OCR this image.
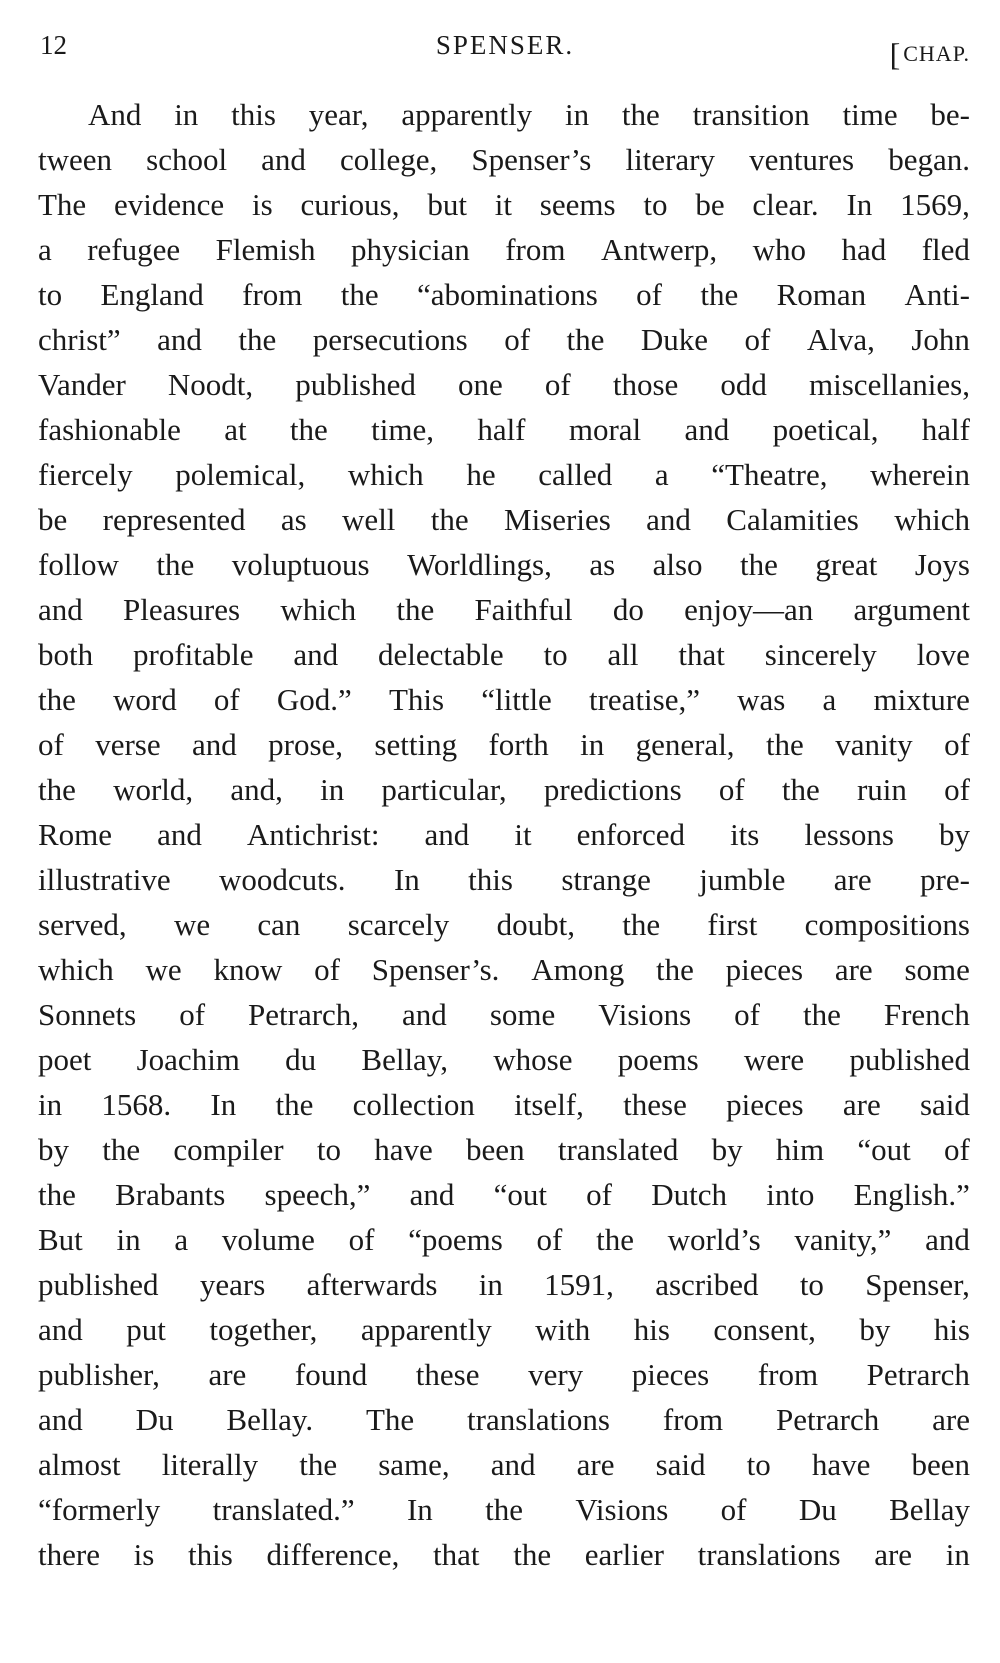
12	SPENSER.	[CHAP.
And in this year, apparently in the transition time be-
tween school and college, Spenser’s literary ventures began.
The evidence is curious, but it seems to be clear. In 1569,
a refugee Flemish physician from Antwerp, who had fled
to England from the “abominations of the Roman Anti-
christ” and the persecutions of the Duke of Alva, John
Vander Noodt, published one of those odd miscellanies,
fashionable at the time, half moral and poetical, half
fiercely polemical, which he called a “Theatre, wherein
be represented as well the Miseries and Calamities which
follow the voluptuous Worldlings, as also the great Joys
and Pleasures which the Faithful do enjoy—an argument
both profitable and delectable to all that sincerely love
the word of God.” This “little treatise,” was a mixture
of verse and prose, setting forth in general, the vanity of
the world, and, in particular, predictions of the ruin of
Rome and Antichrist: and it enforced its lessons by
illustrative woodcuts. In this strange jumble are pre-
served, we can scarcely doubt, the first compositions
which we know of Spenser’s. Among the pieces are some
Sonnets of Petrarch, and some Visions of the French
poet Joachim du Bellay, whose poems were published
in 1568. In the collection itself, these pieces are said
by the compiler to have been translated by him “out of
the Brabants speech,” and “out of Dutch into English.”
But in a volume of “poems of the world’s vanity,” and
published years afterwards in 1591, ascribed to Spenser,
and put together, apparently with his consent, by his
publisher, are found these very pieces from Petrarch
and Du Bellay. The translations from Petrarch are
almost literally the same, and are said to have been
“formerly translated.” In the Visions of Du Bellay
there is this difference, that the earlier translations are in
